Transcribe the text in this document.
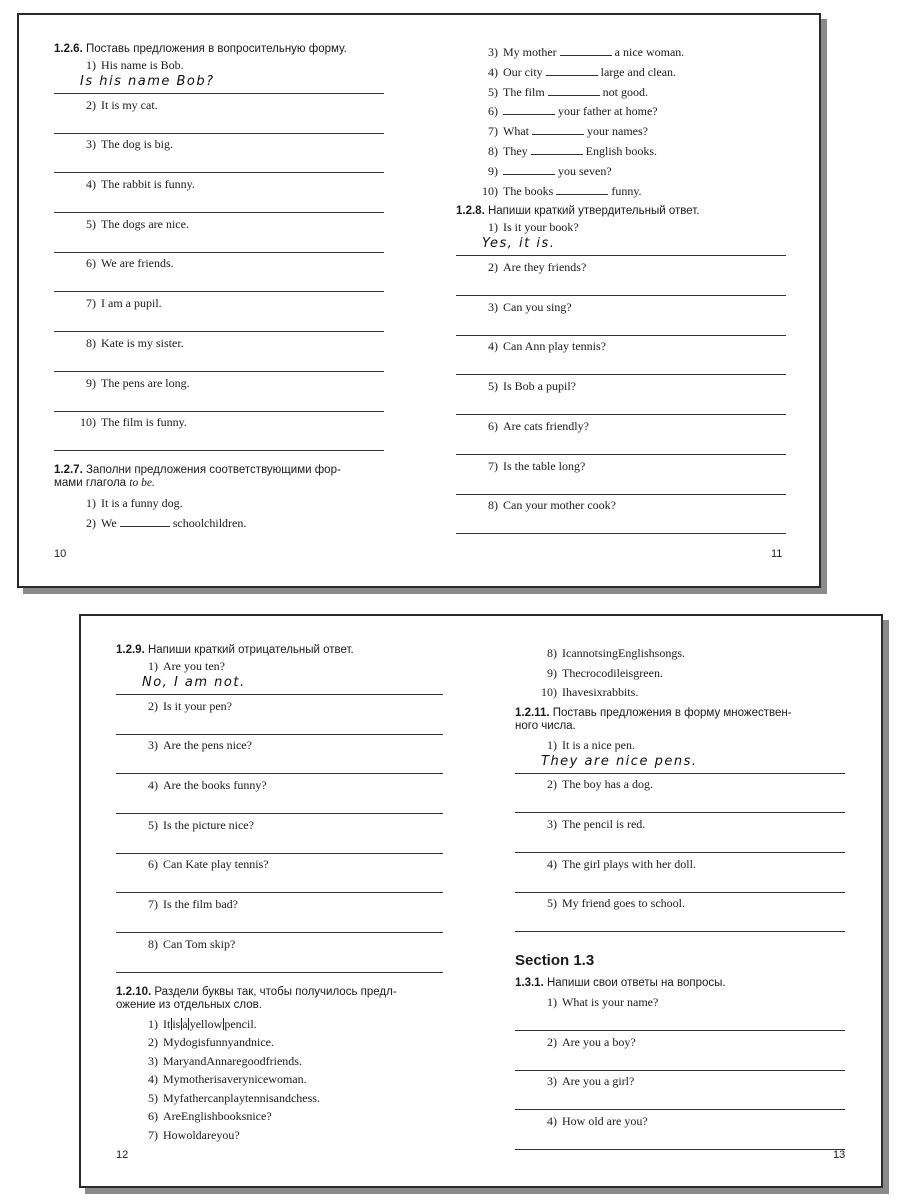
1.2.6. Поставь предложения в вопросительную форму.

1) His name is Bob.
Is his name Bob?
2) It is my cat.
3) The dog is big.
4) The rabbit is funny.
5) The dogs are nice.
6) We are friends.
7) I am a pupil.
8) Kate is my sister.
9) The pens are long.
10) The film is funny.

1.2.7. Заполни предложения соответствующими фор-
мами глагола to be.

1) It is a funny dog.
2) We	schoolchildren.
10
3) My mother	a nice woman.
4) Our city	large and clean.
5) The film	not good.
6)	your father at home?
7) What	your names?
8) They	English books.
9)	you seven?
10) The books	funny.

1.2.8. Напиши краткий утвердительный ответ.

1) Is it your book?
Yes, it is.
2) Are they friends?
3) Can you sing?
4) Can Ann play tennis?
5) Is Bob a pupil?
6) Are cats friendly?
7) Is the table long?
8) Can your mother cook?
11

1.2.9. Напиши краткий отрицательный ответ.

1) Are you ten?
No, I am not.
2) Is it your pen?
3) Are the pens nice?
4) Are the books funny?
5) Is the picture nice?
6) Can Kate play tennis?
7) Is the film bad?
8) Can Tom skip?

1.2.10. Раздели буквы так, чтобы получилось предл-
ожение из отдельных слов.

1) It is a yellow pencil.
2) Mydogisfunnyandnice.
3) MaryandAnnaregoodfriends.
4) Mymotherisaverynicewoman.
5) Myfathercanplaytennisandchess.
6) AreEnglishbooksnice?
7) Howoldareyou?
12
8) IcannotsingEnglishsongs.
9) Thecrocodileisgreen.
10) Ihavesixrabbits.

1.2.11. Поставь предложения в форму множествен-
ного числа.

1) It is a nice pen.
They are nice pens.
2) The boy has a dog.
3) The pencil is red.
4) The girl plays with her doll.
5) My friend goes to school.

Section 1.3

1.3.1. Напиши свои ответы на вопросы.

1) What is your name?
2) Are you a boy?
3) Are you a girl?
4) How old are you?
13
